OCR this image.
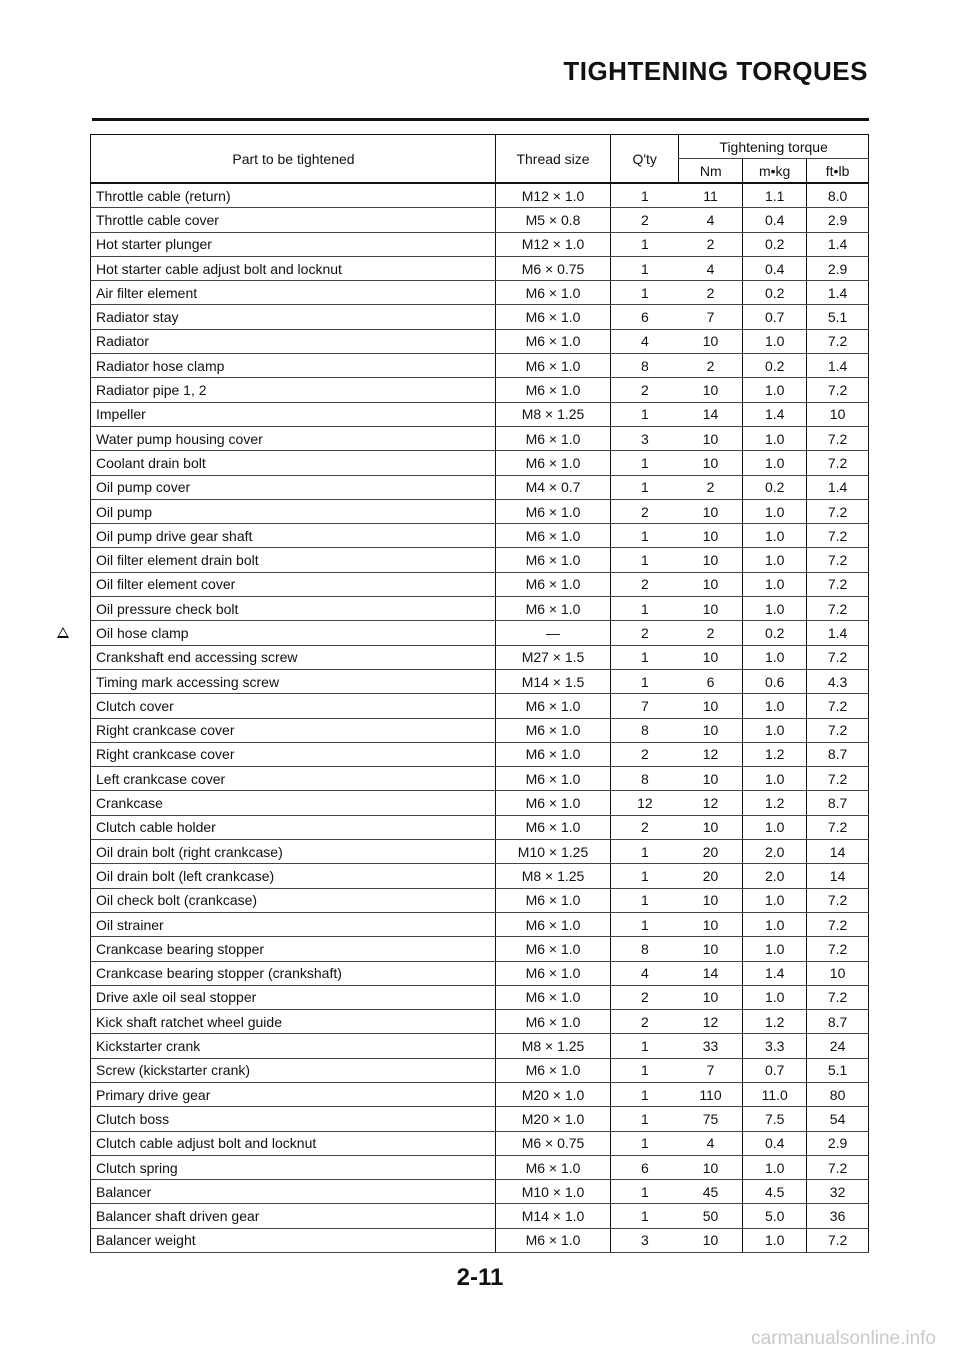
TIGHTENING TORQUES
Part to be tightened	Thread size	Q'ty	Tightening torque		
			Nm	m•kg	ft•lb
Throttle cable (return)	M12 × 1.0	1	11	1.1	8.0
Throttle cable cover	M5 × 0.8	2	4	0.4	2.9
Hot starter plunger	M12 × 1.0	1	2	0.2	1.4
Hot starter cable adjust bolt and locknut	M6 × 0.75	1	4	0.4	2.9
Air filter element	M6 × 1.0	1	2	0.2	1.4
Radiator stay	M6 × 1.0	6	7	0.7	5.1
Radiator	M6 × 1.0	4	10	1.0	7.2
Radiator hose clamp	M6 × 1.0	8	2	0.2	1.4
Radiator pipe 1, 2	M6 × 1.0	2	10	1.0	7.2
Impeller	M8 × 1.25	1	14	1.4	10
Water pump housing cover	M6 × 1.0	3	10	1.0	7.2
Coolant drain bolt	M6 × 1.0	1	10	1.0	7.2
Oil pump cover	M4 × 0.7	1	2	0.2	1.4
Oil pump	M6 × 1.0	2	10	1.0	7.2
Oil pump drive gear shaft	M6 × 1.0	1	10	1.0	7.2
Oil filter element drain bolt	M6 × 1.0	1	10	1.0	7.2
Oil filter element cover	M6 × 1.0	2	10	1.0	7.2
Oil pressure check bolt	M6 × 1.0	1	10	1.0	7.2
Oil hose clamp	—	2	2	0.2	1.4
Crankshaft end accessing screw	M27 × 1.5	1	10	1.0	7.2
Timing mark accessing screw	M14 × 1.5	1	6	0.6	4.3
Clutch cover	M6 × 1.0	7	10	1.0	7.2
Right crankcase cover	M6 × 1.0	8	10	1.0	7.2
Right crankcase cover	M6 × 1.0	2	12	1.2	8.7
Left crankcase cover	M6 × 1.0	8	10	1.0	7.2
Crankcase	M6 × 1.0	12	12	1.2	8.7
Clutch cable holder	M6 × 1.0	2	10	1.0	7.2
Oil drain bolt (right crankcase)	M10 × 1.25	1	20	2.0	14
Oil drain bolt (left crankcase)	M8 × 1.25	1	20	2.0	14
Oil check bolt (crankcase)	M6 × 1.0	1	10	1.0	7.2
Oil strainer	M6 × 1.0	1	10	1.0	7.2
Crankcase bearing stopper	M6 × 1.0	8	10	1.0	7.2
Crankcase bearing stopper (crankshaft)	M6 × 1.0	4	14	1.4	10
Drive axle oil seal stopper	M6 × 1.0	2	10	1.0	7.2
Kick shaft ratchet wheel guide	M6 × 1.0	2	12	1.2	8.7
Kickstarter crank	M8 × 1.25	1	33	3.3	24
Screw (kickstarter crank)	M6 × 1.0	1	7	0.7	5.1
Primary drive gear	M20 × 1.0	1	110	11.0	80
Clutch boss	M20 × 1.0	1	75	7.5	54
Clutch cable adjust bolt and locknut	M6 × 0.75	1	4	0.4	2.9
Clutch spring	M6 × 1.0	6	10	1.0	7.2
Balancer	M10 × 1.0	1	45	4.5	32
Balancer shaft driven gear	M14 × 1.0	1	50	5.0	36
Balancer weight	M6 × 1.0	3	10	1.0	7.2
2-11
carmanualsonline.info
